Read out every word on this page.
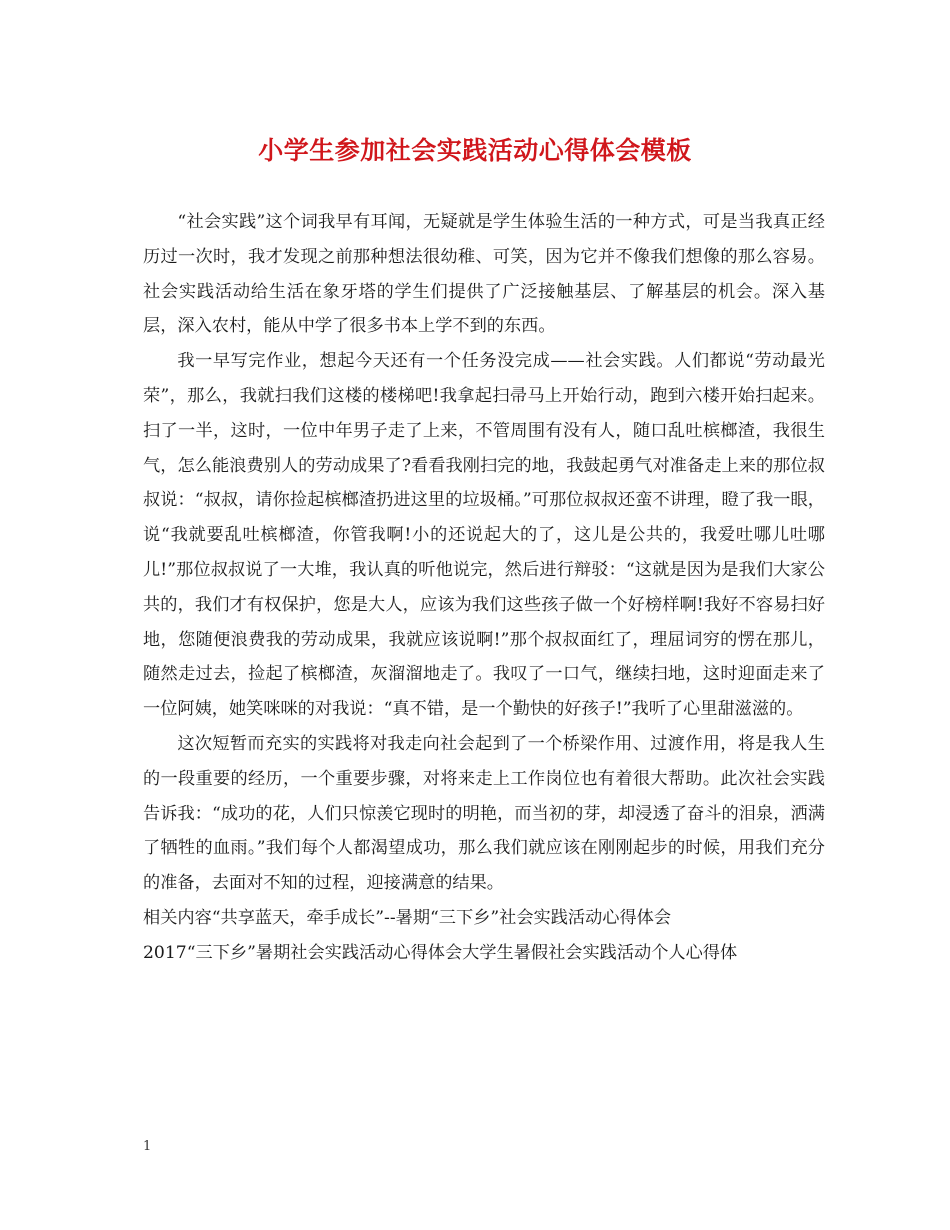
小学生参加社会实践活动心得体会模板

“社会实践”这个词我早有耳闻，无疑就是学生体验生活的一种方式，可是当我真正经历过一次时，我才发现之前那种想法很幼稚、可笑，因为它并不像我们想像的那么容易。社会实践活动给生活在象牙塔的学生们提供了广泛接触基层、了解基层的机会。深入基层，深入农村，能从中学了很多书本上学不到的东西。

我一早写完作业，想起今天还有一个任务没完成——社会实践。人们都说“劳动最光荣”，那么，我就扫我们这楼的楼梯吧!我拿起扫帚马上开始行动，跑到六楼开始扫起来。扫了一半，这时，一位中年男子走了上来，不管周围有没有人，随口乱吐槟榔渣，我很生气，怎么能浪费别人的劳动成果了?看看我刚扫完的地，我鼓起勇气对准备走上来的那位叔叔说：“叔叔，请你捡起槟榔渣扔进这里的垃圾桶。”可那位叔叔还蛮不讲理，瞪了我一眼，说“我就要乱吐槟榔渣，你管我啊!小的还说起大的了，这儿是公共的，我爱吐哪儿吐哪儿!”那位叔叔说了一大堆，我认真的听他说完，然后进行辩驳：“这就是因为是我们大家公共的，我们才有权保护，您是大人，应该为我们这些孩子做一个好榜样啊!我好不容易扫好地，您随便浪费我的劳动成果，我就应该说啊!”那个叔叔面红了，理屈词穷的愣在那儿，随然走过去，捡起了槟榔渣，灰溜溜地走了。我叹了一口气，继续扫地，这时迎面走来了一位阿姨，她笑咪咪的对我说：“真不错，是一个勤快的好孩子!”我听了心里甜滋滋的。

这次短暂而充实的实践将对我走向社会起到了一个桥梁作用、过渡作用，将是我人生的一段重要的经历，一个重要步骤，对将来走上工作岗位也有着很大帮助。此次社会实践告诉我：“成功的花，人们只惊羡它现时的明艳，而当初的芽，却浸透了奋斗的泪泉，洒满了牺牲的血雨。”我们每个人都渴望成功，那么我们就应该在刚刚起步的时候，用我们充分的准备，去面对不知的过程，迎接满意的结果。

相关内容“共享蓝天，牵手成长”--暑期“三下乡”社会实践活动心得体会

2017“三下乡”暑期社会实践活动心得体会大学生暑假社会实践活动个人心得体

1
